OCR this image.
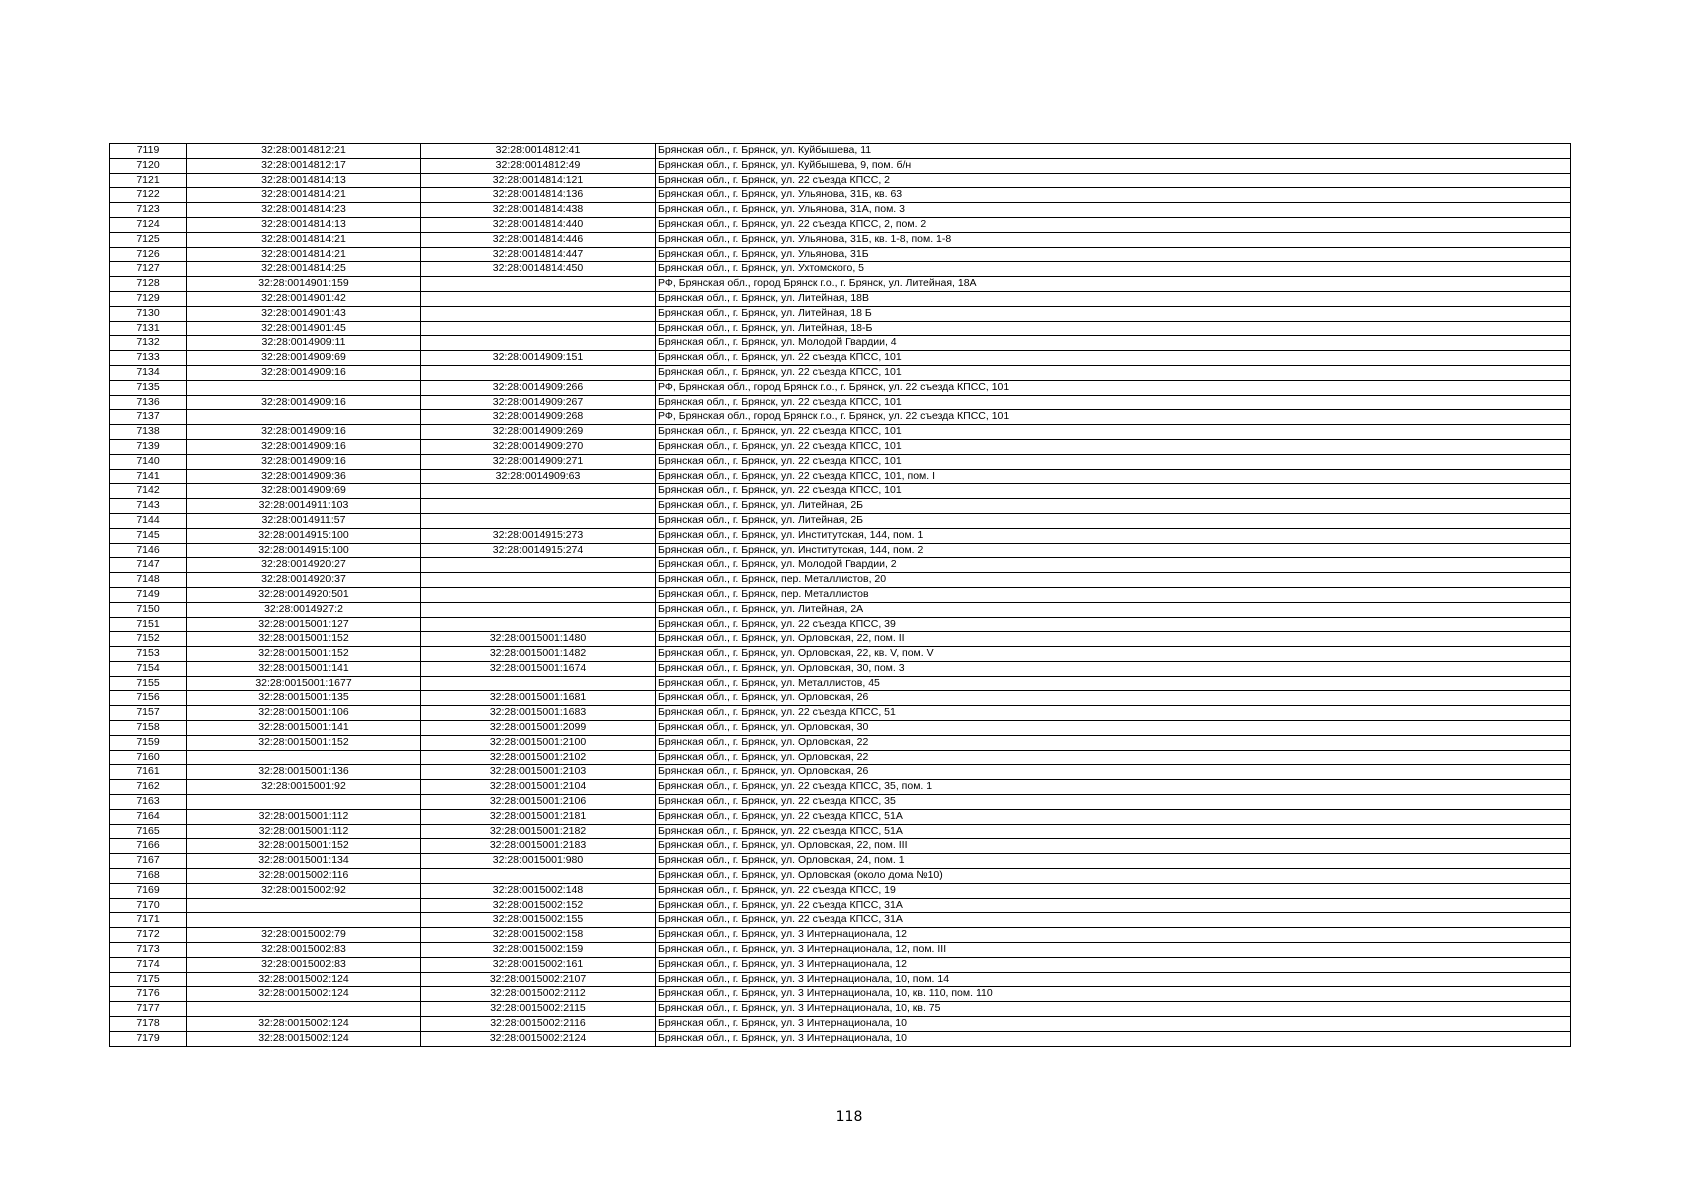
7119	32:28:0014812:21	32:28:0014812:41	Брянская обл., г. Брянск, ул. Куйбышева, 11
7120	32:28:0014812:17	32:28:0014812:49	Брянская обл., г. Брянск, ул. Куйбышева, 9, пом. б/н
7121	32:28:0014814:13	32:28:0014814:121	Брянская обл., г. Брянск, ул. 22 съезда КПСС, 2
7122	32:28:0014814:21	32:28:0014814:136	Брянская обл., г. Брянск, ул. Ульянова, 31Б, кв. 63
7123	32:28:0014814:23	32:28:0014814:438	Брянская обл., г. Брянск, ул. Ульянова, 31А, пом. 3
7124	32:28:0014814:13	32:28:0014814:440	Брянская обл., г. Брянск, ул. 22 съезда КПСС, 2, пом. 2
7125	32:28:0014814:21	32:28:0014814:446	Брянская обл., г. Брянск, ул. Ульянова, 31Б, кв. 1-8, пом. 1-8
7126	32:28:0014814:21	32:28:0014814:447	Брянская обл., г. Брянск, ул. Ульянова, 31Б
7127	32:28:0014814:25	32:28:0014814:450	Брянская обл., г. Брянск, ул. Ухтомского, 5
7128	32:28:0014901:159		РФ, Брянская обл., город Брянск г.о., г. Брянск, ул. Литейная, 18А
7129	32:28:0014901:42		Брянская обл., г. Брянск, ул. Литейная, 18В
7130	32:28:0014901:43		Брянская обл., г. Брянск, ул. Литейная, 18 Б
7131	32:28:0014901:45		Брянская обл., г. Брянск, ул. Литейная, 18-Б
7132	32:28:0014909:11		Брянская обл., г. Брянск, ул. Молодой Гвардии, 4
7133	32:28:0014909:69	32:28:0014909:151	Брянская обл., г. Брянск, ул. 22 съезда КПСС, 101
7134	32:28:0014909:16		Брянская обл., г. Брянск, ул. 22 съезда КПСС, 101
7135		32:28:0014909:266	РФ, Брянская обл., город Брянск г.о., г. Брянск, ул. 22 съезда КПСС, 101
7136	32:28:0014909:16	32:28:0014909:267	Брянская обл., г. Брянск, ул. 22 съезда КПСС, 101
7137		32:28:0014909:268	РФ, Брянская обл., город Брянск г.о., г. Брянск, ул. 22 съезда КПСС, 101
7138	32:28:0014909:16	32:28:0014909:269	Брянская обл., г. Брянск, ул. 22 съезда КПСС, 101
7139	32:28:0014909:16	32:28:0014909:270	Брянская обл., г. Брянск, ул. 22 съезда КПСС, 101
7140	32:28:0014909:16	32:28:0014909:271	Брянская обл., г. Брянск, ул. 22 съезда КПСС, 101
7141	32:28:0014909:36	32:28:0014909:63	Брянская обл., г. Брянск, ул. 22 съезда КПСС, 101, пом. I
7142	32:28:0014909:69		Брянская обл., г. Брянск, ул. 22 съезда КПСС, 101
7143	32:28:0014911:103		Брянская обл., г. Брянск, ул. Литейная, 2Б
7144	32:28:0014911:57		Брянская обл., г. Брянск, ул. Литейная, 2Б
7145	32:28:0014915:100	32:28:0014915:273	Брянская обл., г. Брянск, ул. Институтская, 144, пом. 1
7146	32:28:0014915:100	32:28:0014915:274	Брянская обл., г. Брянск, ул. Институтская, 144, пом. 2
7147	32:28:0014920:27		Брянская обл., г. Брянск, ул. Молодой Гвардии, 2
7148	32:28:0014920:37		Брянская обл., г. Брянск, пер. Металлистов, 20
7149	32:28:0014920:501		Брянская обл., г. Брянск, пер. Металлистов
7150	32:28:0014927:2		Брянская обл., г. Брянск, ул. Литейная, 2А
7151	32:28:0015001:127		Брянская обл., г. Брянск, ул. 22 съезда КПСС, 39
7152	32:28:0015001:152	32:28:0015001:1480	Брянская обл., г. Брянск, ул. Орловская, 22, пом. II
7153	32:28:0015001:152	32:28:0015001:1482	Брянская обл., г. Брянск, ул. Орловская, 22, кв. V, пом. V
7154	32:28:0015001:141	32:28:0015001:1674	Брянская обл., г. Брянск, ул. Орловская, 30, пом. 3
7155	32:28:0015001:1677		Брянская обл., г. Брянск, ул. Металлистов, 45
7156	32:28:0015001:135	32:28:0015001:1681	Брянская обл., г. Брянск, ул. Орловская, 26
7157	32:28:0015001:106	32:28:0015001:1683	Брянская обл., г. Брянск, ул. 22 съезда КПСС, 51
7158	32:28:0015001:141	32:28:0015001:2099	Брянская обл., г. Брянск, ул. Орловская, 30
7159	32:28:0015001:152	32:28:0015001:2100	Брянская обл., г. Брянск, ул. Орловская, 22
7160		32:28:0015001:2102	Брянская обл., г. Брянск, ул. Орловская, 22
7161	32:28:0015001:136	32:28:0015001:2103	Брянская обл., г. Брянск, ул. Орловская, 26
7162	32:28:0015001:92	32:28:0015001:2104	Брянская обл., г. Брянск, ул. 22 съезда КПСС, 35, пом. 1
7163		32:28:0015001:2106	Брянская обл., г. Брянск, ул. 22 съезда КПСС, 35
7164	32:28:0015001:112	32:28:0015001:2181	Брянская обл., г. Брянск, ул. 22 съезда КПСС, 51А
7165	32:28:0015001:112	32:28:0015001:2182	Брянская обл., г. Брянск, ул. 22 съезда КПСС, 51А
7166	32:28:0015001:152	32:28:0015001:2183	Брянская обл., г. Брянск, ул. Орловская, 22, пом. III
7167	32:28:0015001:134	32:28:0015001:980	Брянская обл., г. Брянск, ул. Орловская, 24, пом. 1
7168	32:28:0015002:116		Брянская обл., г. Брянск, ул. Орловская (около дома №10)
7169	32:28:0015002:92	32:28:0015002:148	Брянская обл., г. Брянск, ул. 22 съезда КПСС, 19
7170		32:28:0015002:152	Брянская обл., г. Брянск, ул. 22 съезда КПСС, 31А
7171		32:28:0015002:155	Брянская обл., г. Брянск, ул. 22 съезда КПСС, 31А
7172	32:28:0015002:79	32:28:0015002:158	Брянская обл., г. Брянск, ул. 3 Интернационала, 12
7173	32:28:0015002:83	32:28:0015002:159	Брянская обл., г. Брянск, ул. 3 Интернационала, 12, пом. III
7174	32:28:0015002:83	32:28:0015002:161	Брянская обл., г. Брянск, ул. 3 Интернационала, 12
7175	32:28:0015002:124	32:28:0015002:2107	Брянская обл., г. Брянск, ул. 3 Интернационала, 10, пом. 14
7176	32:28:0015002:124	32:28:0015002:2112	Брянская обл., г. Брянск, ул. 3 Интернационала, 10, кв. 110, пом. 110
7177		32:28:0015002:2115	Брянская обл., г. Брянск, ул. 3 Интернационала, 10, кв. 75
7178	32:28:0015002:124	32:28:0015002:2116	Брянская обл., г. Брянск, ул. 3 Интернационала, 10
7179	32:28:0015002:124	32:28:0015002:2124	Брянская обл., г. Брянск, ул. 3 Интернационала, 10
118
